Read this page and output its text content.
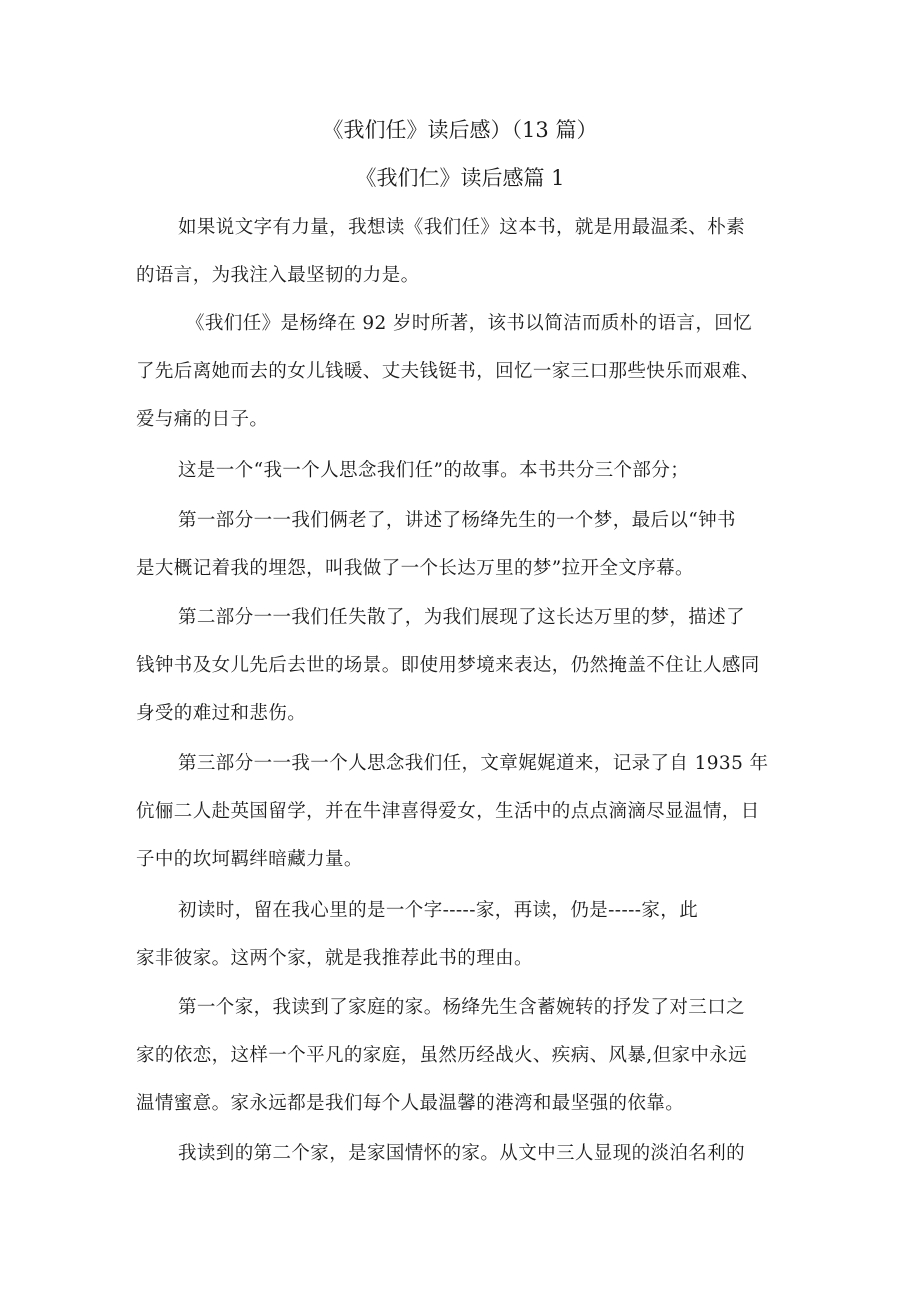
《我们任》读后感）（13 篇）
《我们仁》读后感篇 1
如果说文字有力量，我想读《我们任》这本书，就是用最温柔、朴素
的语言，为我注入最坚韧的力是。
《我们任》是杨绛在 92 岁时所著，该书以简洁而质朴的语言，回忆
了先后离她而去的女儿钱暖、丈夫钱铤书，回忆一家三口那些快乐而艰难、
爱与痛的日子。
这是一个“我一个人思念我们任”的故事。本书共分三个部分；
第一部分一一我们俩老了，讲述了杨绛先生的一个梦，最后以“钟书
是大概记着我的埋怨，叫我做了一个长达万里的梦”拉开全文序幕。
第二部分一一我们任失散了，为我们展现了这长达万里的梦，描述了
钱钟书及女儿先后去世的场景。即使用梦境来表达，仍然掩盖不住让人感同
身受的难过和悲伤。
第三部分一一我一个人思念我们任，文章娓娓道来，记录了自 1935 年
伉俪二人赴英国留学，并在牛津喜得爱女，生活中的点点滴滴尽显温情，日
子中的坎坷羁绊暗藏力量。
初读时，留在我心里的是一个字-----家，再读，仍是-----家，此
家非彼家。这两个家，就是我推荐此书的理由。
第一个家，我读到了家庭的家。杨绛先生含蓄婉转的抒发了对三口之
家的依恋，这样一个平凡的家庭，虽然历经战火、疾病、风暴,但家中永远
温情蜜意。家永远都是我们每个人最温馨的港湾和最坚强的依靠。
我读到的第二个家，是家国情怀的家。从文中三人显现的淡泊名利的
